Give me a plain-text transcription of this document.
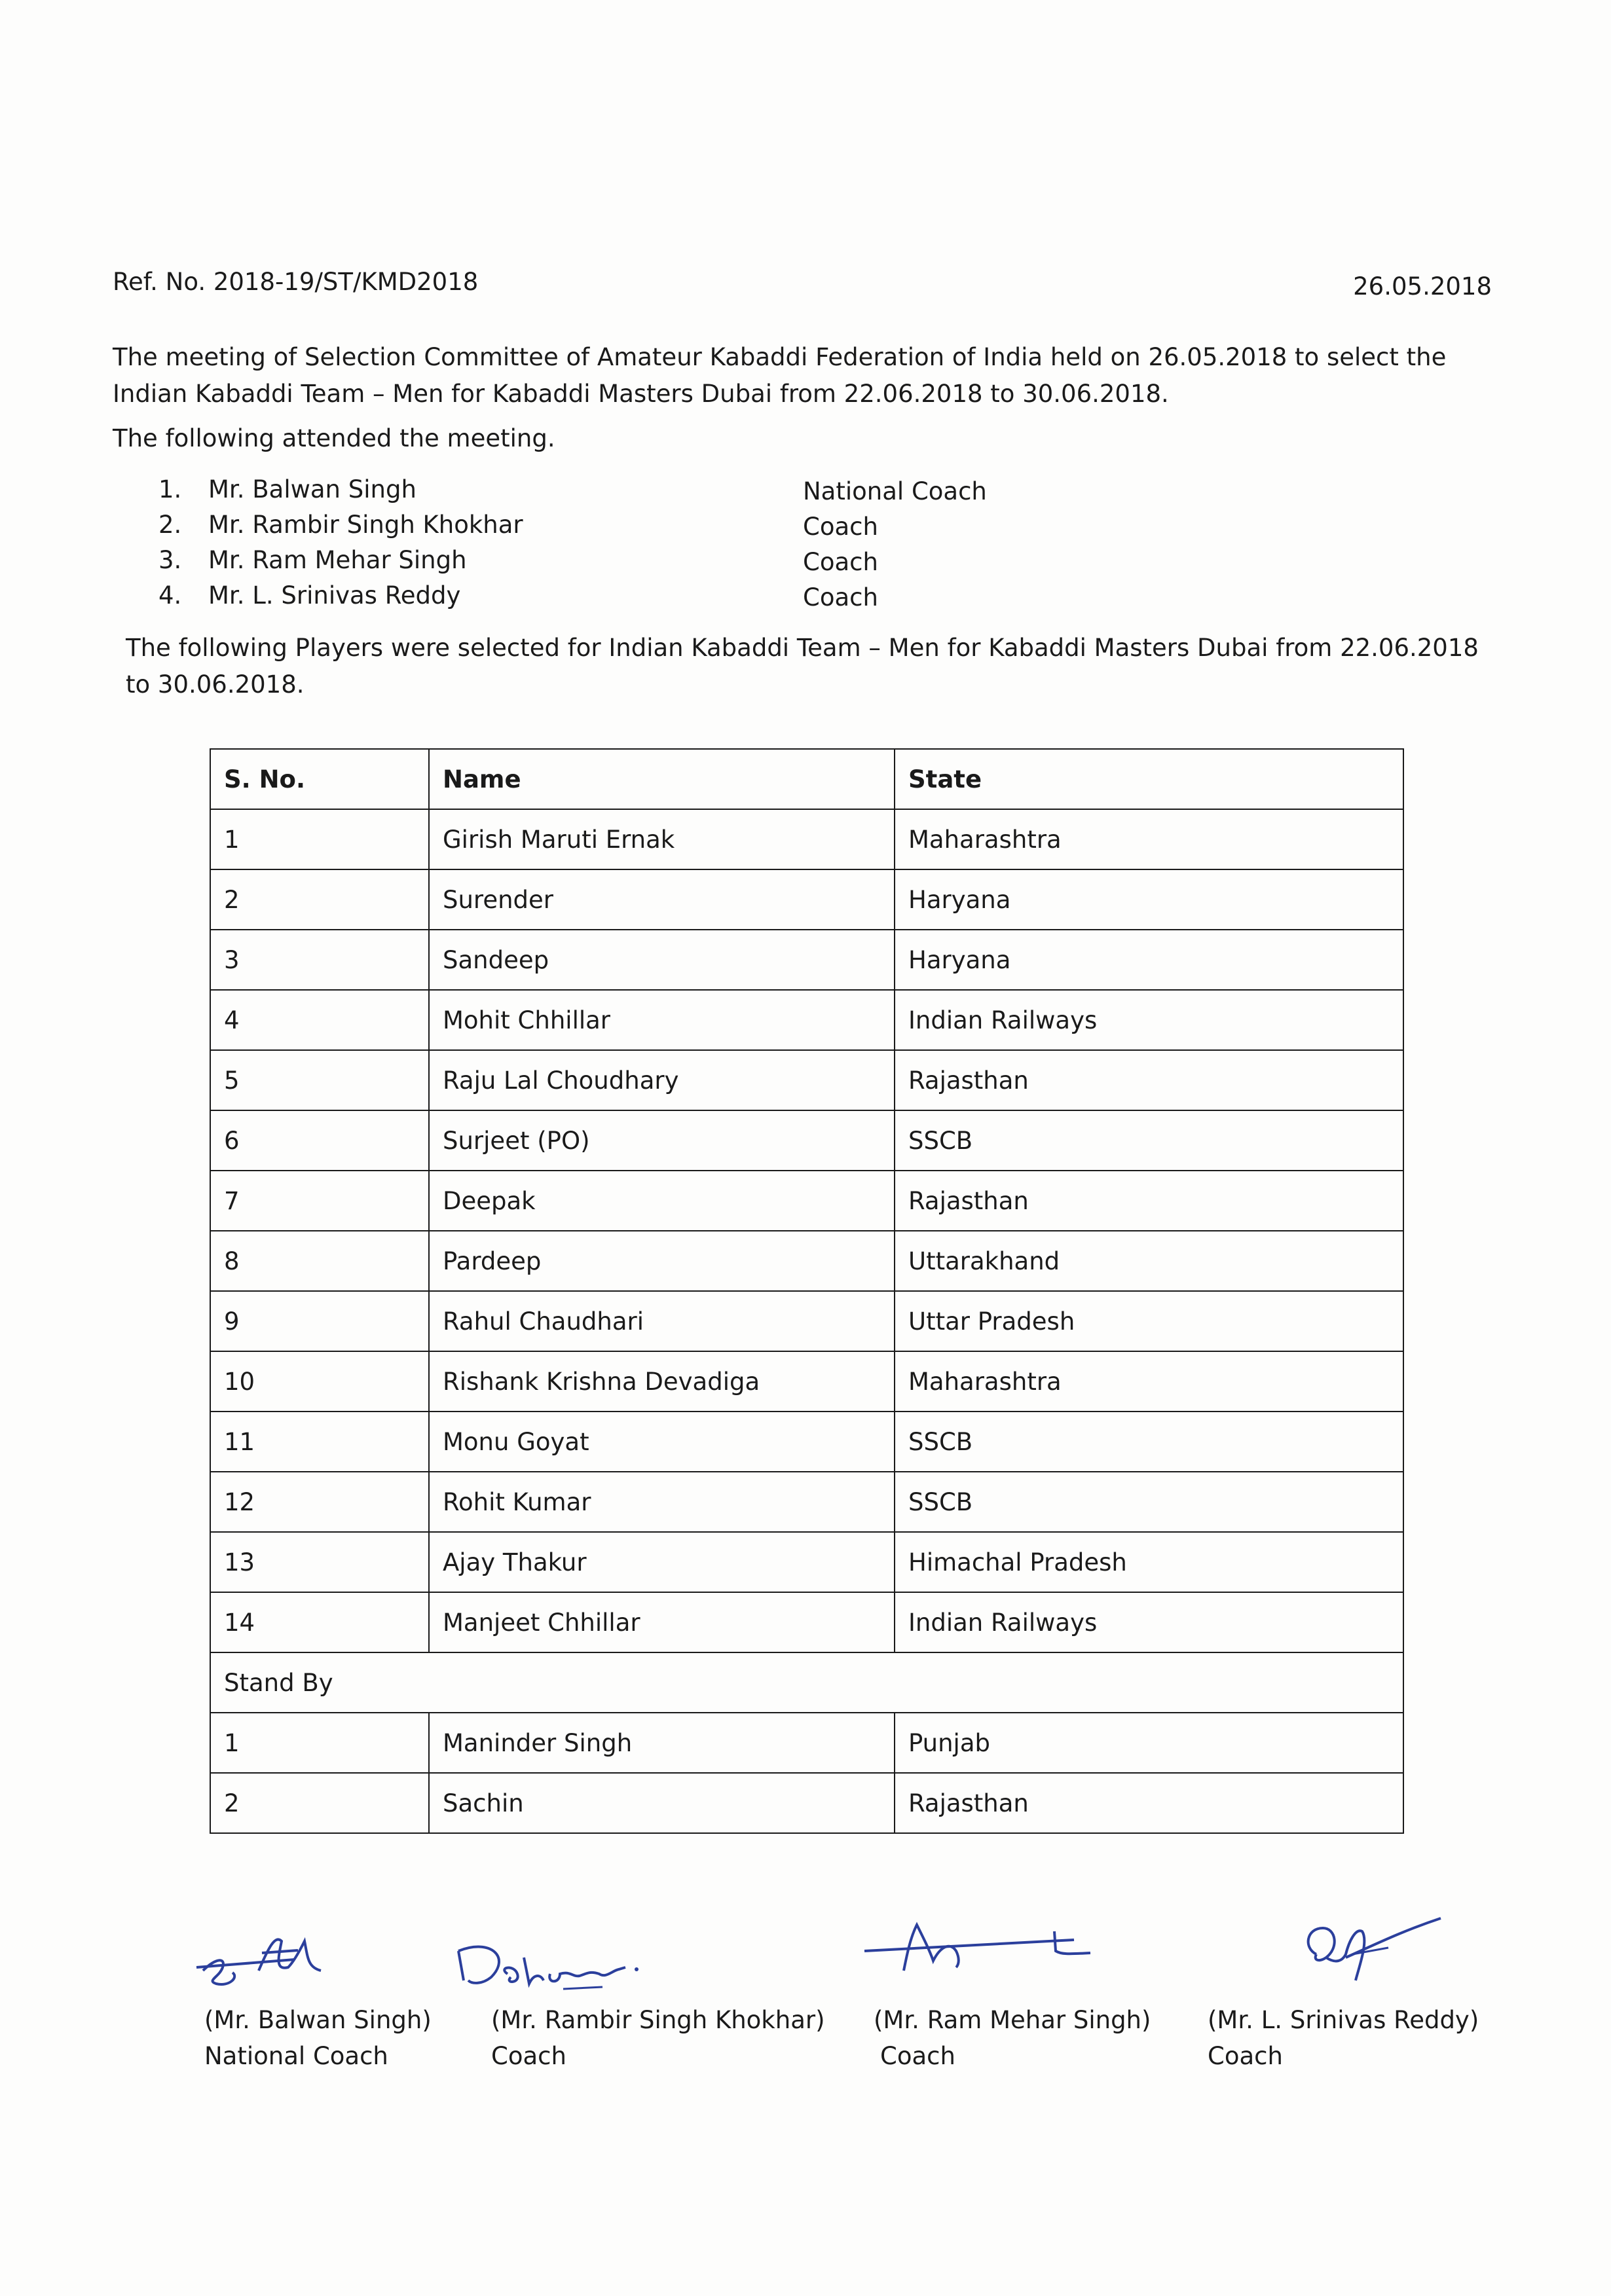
Ref. No. 2018-19/ST/KMD2018	26.05.2018
The meeting of Selection Committee of Amateur Kabaddi Federation of India held on 26.05.2018 to select the Indian Kabaddi Team – Men for Kabaddi Masters Dubai from 22.06.2018 to 30.06.2018.
The following attended the meeting.
1. Mr. Balwan Singh	National Coach
2. Mr. Rambir Singh Khokhar	Coach
3. Mr. Ram Mehar Singh	Coach
4. Mr. L. Srinivas Reddy	Coach
The following Players were selected for Indian Kabaddi Team – Men for Kabaddi Masters Dubai from 22.06.2018 to 30.06.2018.
S. No.	Name	State
1	Girish Maruti Ernak	Maharashtra
2	Surender	Haryana
3	Sandeep	Haryana
4	Mohit Chhillar	Indian Railways
5	Raju Lal Choudhary	Rajasthan
6	Surjeet (PO)	SSCB
7	Deepak	Rajasthan
8	Pardeep	Uttarakhand
9	Rahul Chaudhari	Uttar Pradesh
10	Rishank Krishna Devadiga	Maharashtra
11	Monu Goyat	SSCB
12	Rohit Kumar	SSCB
13	Ajay Thakur	Himachal Pradesh
14	Manjeet Chhillar	Indian Railways
Stand By		
1	Maninder Singh	Punjab
2	Sachin	Rajasthan
(Mr. Balwan Singh)
National Coach
(Mr. Rambir Singh Khokhar)
Coach
(Mr. Ram Mehar Singh)
Coach
(Mr. L. Srinivas Reddy)
Coach
